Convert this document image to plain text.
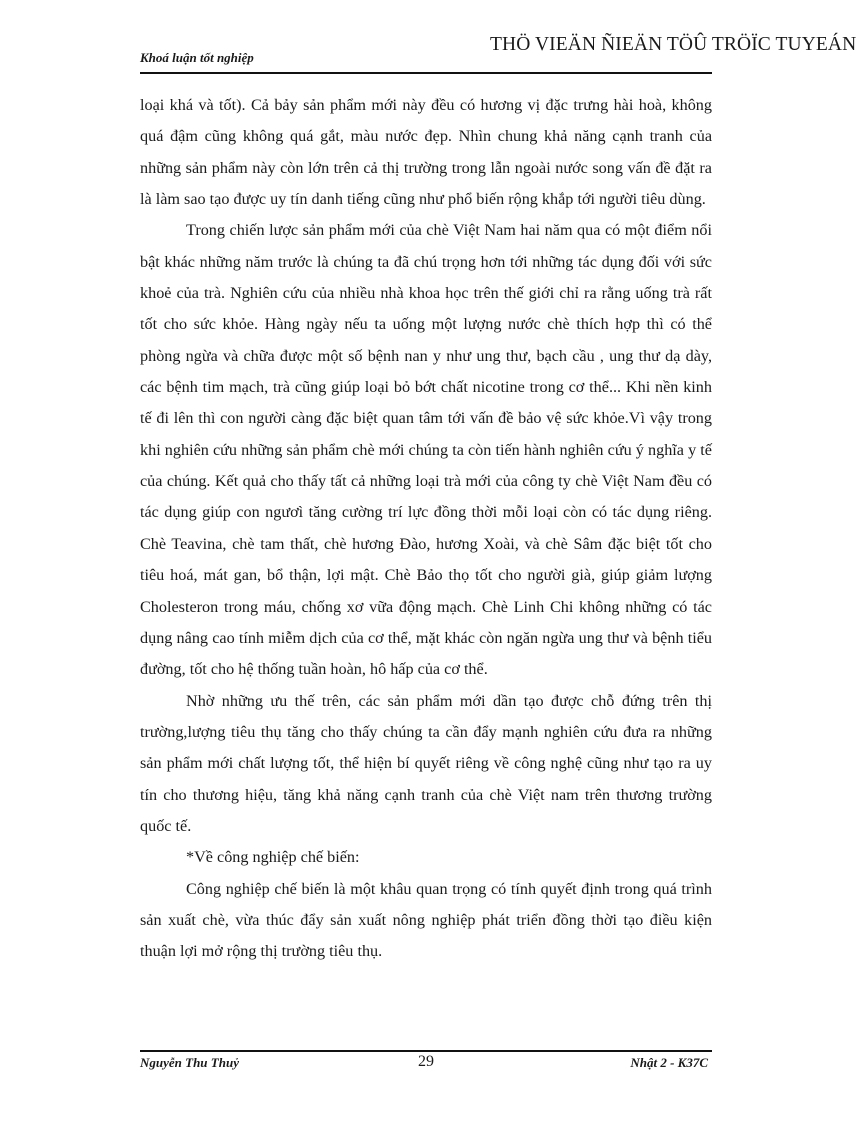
Khoá luận tốt nghiệp
THÖ VIEÄN ÑIEÄN TÖÛ TRÖÏC TUYEÁN

loại khá và tốt). Cả bảy sản phẩm mới này đều có hương vị đặc trưng hài hoà, không quá đậm cũng không quá gắt, màu nước đẹp. Nhìn chung khả năng cạnh tranh của những sản phẩm này còn lớn trên cả thị trường trong lẫn ngoài nước song vấn đề đặt ra là làm sao tạo được uy tín danh tiếng cũng như phổ biến rộng khắp tới người tiêu dùng.

Trong chiến lược sản phẩm mới của chè Việt Nam hai năm qua có một điểm nổi bật khác những năm trước là chúng ta đã chú trọng hơn tới những tác dụng đối với sức khoẻ của trà. Nghiên cứu của nhiều nhà khoa học trên thế giới chỉ ra rằng uống trà rất tốt cho sức khỏe. Hàng ngày nếu ta uống một lượng nước chè thích hợp thì có thể phòng ngừa và chữa được một số bệnh nan y như ung thư, bạch cầu , ung thư dạ dày, các bệnh tim mạch, trà cũng giúp loại bỏ bớt chất nicotine trong cơ thể... Khi nền kinh tế đi lên thì con người càng đặc biệt quan tâm tới vấn đề bảo vệ sức khỏe.Vì vậy trong khi nghiên cứu những sản phẩm chè mới chúng ta còn tiến hành nghiên cứu ý nghĩa y tế của chúng. Kết quả cho thấy tất cả những loại trà mới của công ty chè Việt Nam đều có tác dụng giúp con ngươì tăng cường trí lực đồng thời mỗi loại còn có tác dụng riêng. Chè Teavina, chè tam thất, chè hương Đào, hương Xoài, và chè Sâm đặc biệt tốt cho tiêu hoá, mát gan, bổ thận, lợi mật. Chè Bảo thọ tốt cho người già, giúp giảm lượng Cholesteron trong máu, chống xơ vữa động mạch. Chè Linh Chi không những có tác dụng nâng cao tính miễm dịch của cơ thể, mặt khác còn ngăn ngừa ung thư và bệnh tiểu đường, tốt cho hệ thống tuần hoàn, hô hấp của cơ thể.

Nhờ những ưu thế trên, các sản phẩm mới dần tạo được chỗ đứng trên thị trường,lượng tiêu thụ tăng cho thấy chúng ta cần đẩy mạnh nghiên cứu đưa ra những sản phẩm mới chất lượng tốt, thể hiện bí quyết riêng về công nghệ cũng như tạo ra uy tín cho thương hiệu, tăng khả năng cạnh tranh của chè Việt nam trên thương trường quốc tế.

*Về công nghiệp chế biến:

Công nghiệp chế biến là một khâu quan trọng có tính quyết định trong quá trình sản xuất chè, vừa thúc đẩy sản xuất nông nghiệp phát triển đồng thời tạo điều kiện thuận lợi mở rộng thị trường tiêu thụ.

Nguyễn Thu Thuỷ	29	Nhật 2 - K37C
